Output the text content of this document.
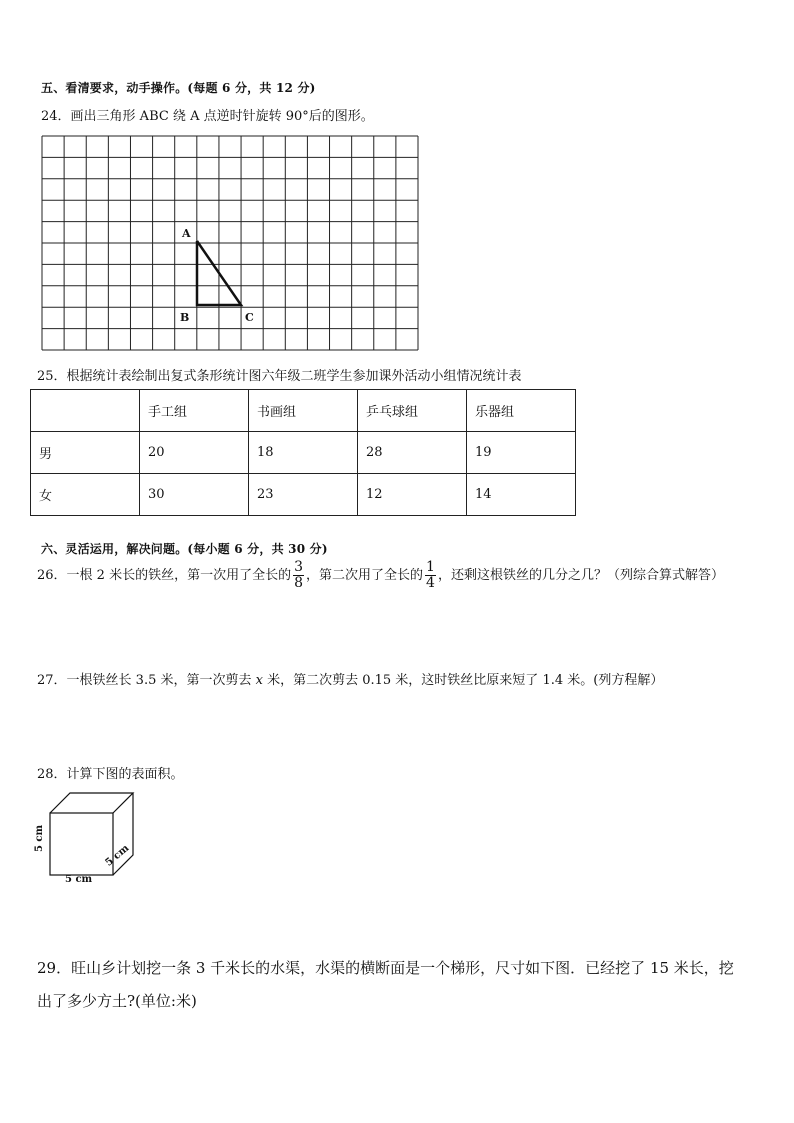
五、看清要求，动手操作。(每题 6 分，共 12 分)
24．画出三角形 ABC 绕 A 点逆时针旋转 90°后的图形。
A
B	C
25．根据统计表绘制出复式条形统计图六年级二班学生参加课外活动小组情况统计表
	手工组	书画组	乒乓球组	乐器组
男	20	18	28	19
女	30	23	12	14
六、灵活运用，解决问题。(每小题 6 分，共 30 分)
26．一根 2 米长的铁丝，第一次用了全长的 $\frac{3}{8}$ ，第二次用了全长的 $\frac{1}{4}$ ，还剩这根铁丝的几分之几？（列综合算式解答）
27．一根铁丝长 3.5 米，第一次剪去 x 米，第二次剪去 0.15 米，这时铁丝比原来短了 1.4 米。(列方程解）
28．计算下图的表面积。
5 cm
5 cm
5 cm
29．旺山乡计划挖一条 3 千米长的水渠，水渠的横断面是一个梯形，尺寸如下图．已经挖了 15 米长，挖
出了多少方土?(单位:米)
